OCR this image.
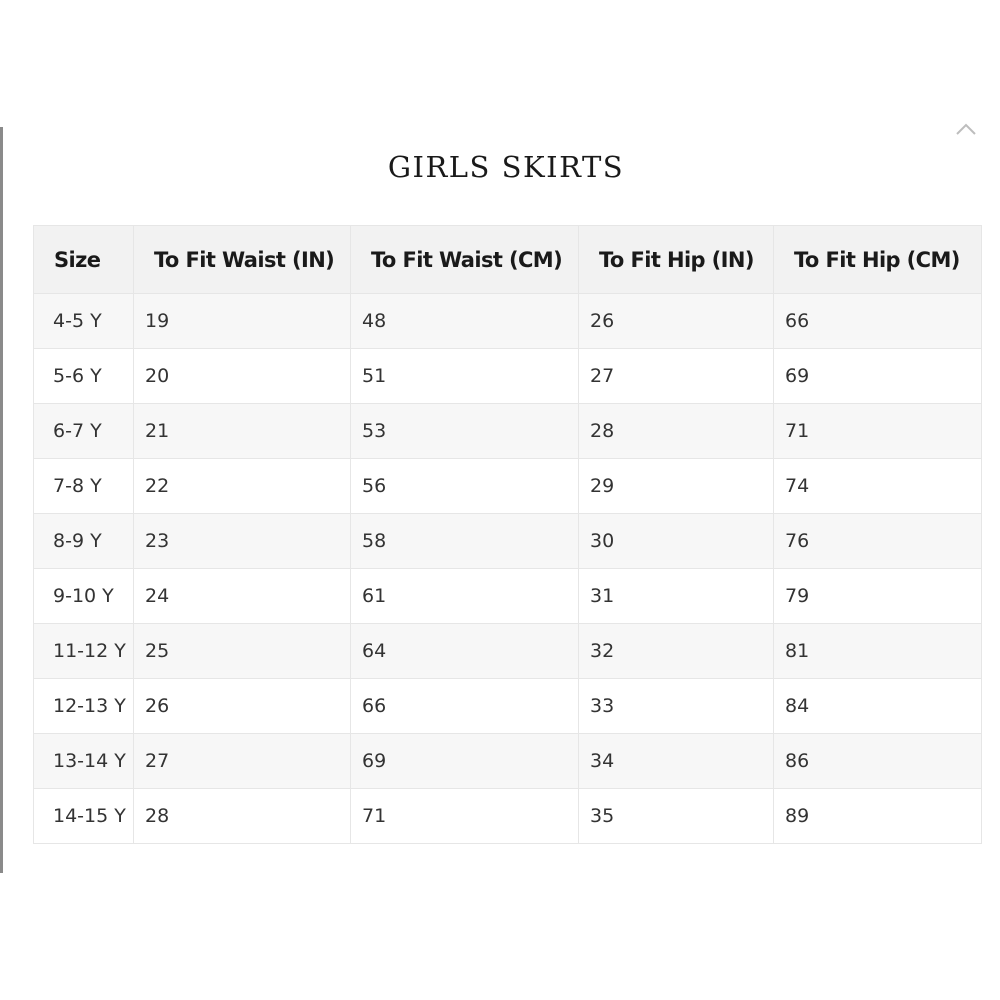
GIRLS SKIRTS
Size	To Fit Waist (IN)	To Fit Waist (CM)	To Fit Hip (IN)	To Fit Hip (CM)
4-5 Y	19	48	26	66
5-6 Y	20	51	27	69
6-7 Y	21	53	28	71
7-8 Y	22	56	29	74
8-9 Y	23	58	30	76
9-10 Y	24	61	31	79
11-12 Y	25	64	32	81
12-13 Y	26	66	33	84
13-14 Y	27	69	34	86
14-15 Y	28	71	35	89
